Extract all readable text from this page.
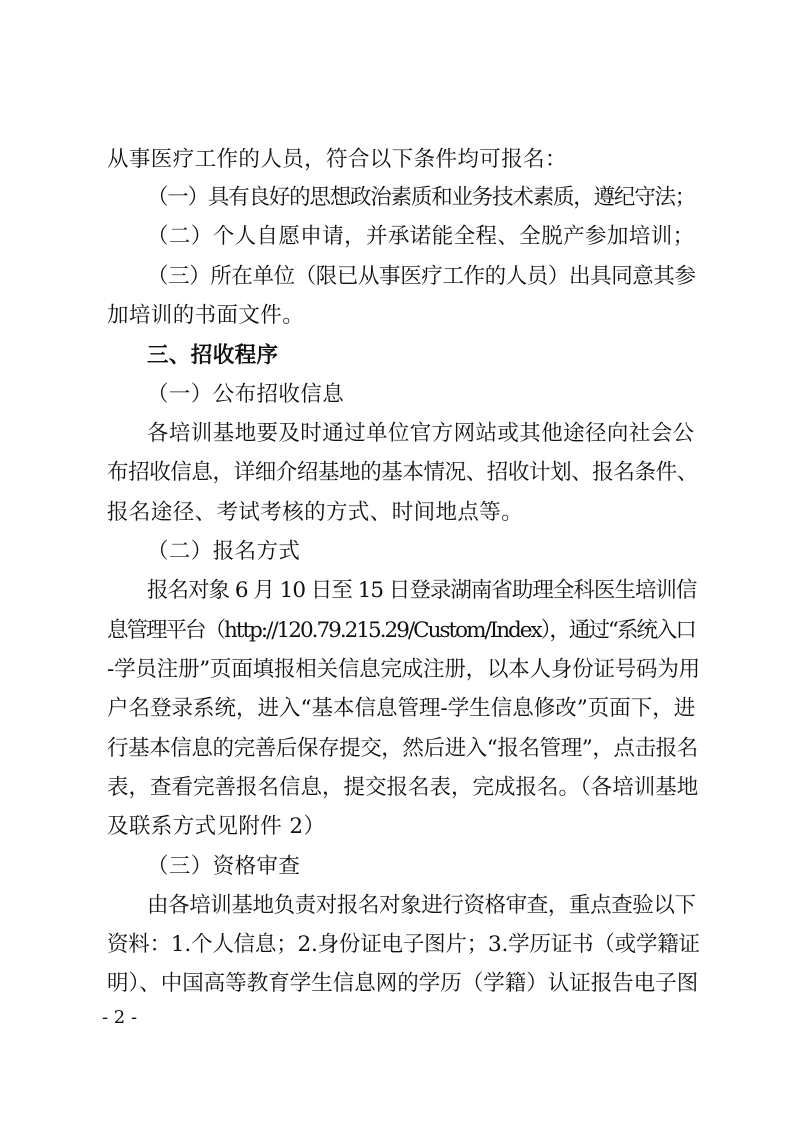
从事医疗工作的人员，符合以下条件均可报名：
（一）具有良好的思想政治素质和业务技术素质，遵纪守法；
（二）个人自愿申请，并承诺能全程、全脱产参加培训；
（三）所在单位（限已从事医疗工作的人员）出具同意其参
加培训的书面文件。
三、招收程序
（一）公布招收信息
各培训基地要及时通过单位官方网站或其他途径向社会公
布招收信息，详细介绍基地的基本情况、招收计划、报名条件、
报名途径、考试考核的方式、时间地点等。
（二）报名方式
报名对象 6 月 10 日至 15 日登录湖南省助理全科医生培训信
息管理平台（http://120.79.215.29/Custom/Index），通过“系统入口
-学员注册”页面填报相关信息完成注册，以本人身份证号码为用
户名登录系统，进入“基本信息管理-学生信息修改”页面下，进
行基本信息的完善后保存提交，然后进入“报名管理”，点击报名
表，查看完善报名信息，提交报名表，完成报名。（各培训基地
及联系方式见附件 2）
（三）资格审查
由各培训基地负责对报名对象进行资格审查，重点查验以下
资料：1.个人信息；2.身份证电子图片；3.学历证书（或学籍证
明）、中国高等教育学生信息网的学历（学籍）认证报告电子图
- 2 -
